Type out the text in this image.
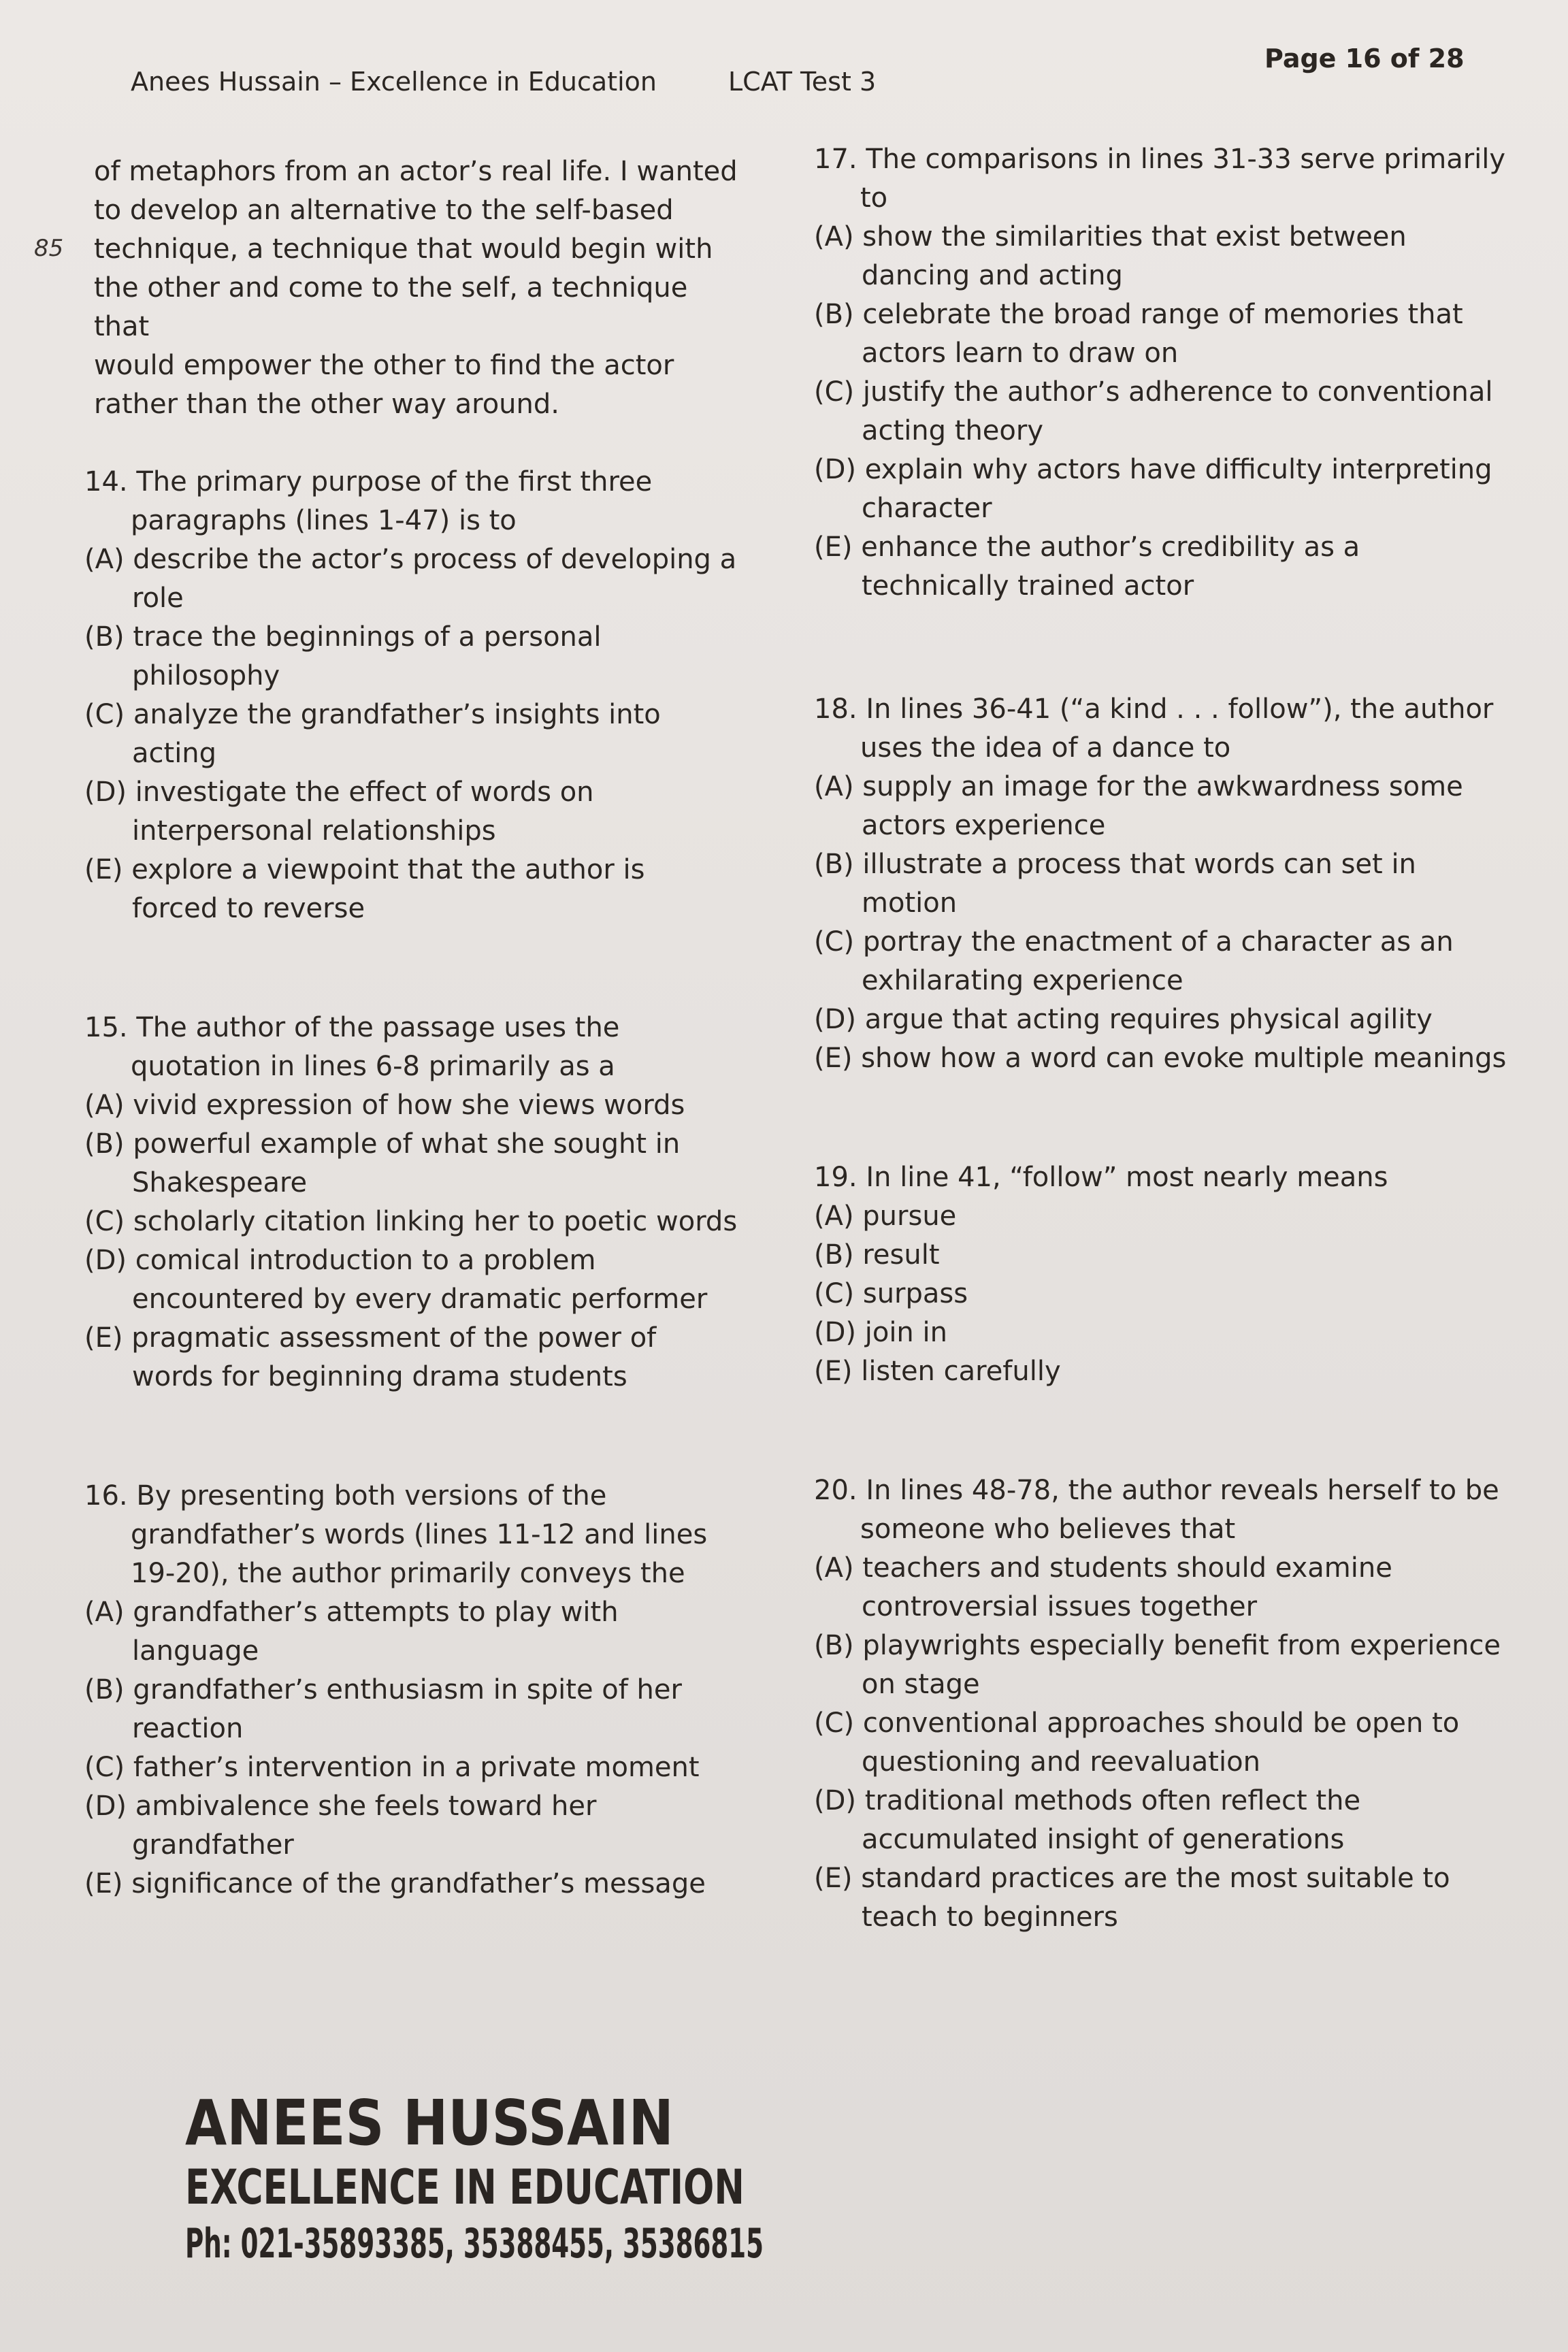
Anees Hussain – Excellence in Education	LCAT Test 3
Page 16 of 28
85

of metaphors from an actor’s real life. I wanted

to develop an alternative to the self-based

technique, a technique that would begin with

the other and come to the self, a technique that

would empower the other to find the actor

rather than the other way around.

14. The primary purpose of the first three paragraphs (lines 1-47) is to
(A) describe the actor’s process of developing a role
(B) trace the beginnings of a personal philosophy
(C) analyze the grandfather’s insights into acting
(D) investigate the effect of words on interpersonal relationships
(E) explore a viewpoint that the author is forced to reverse
15. The author of the passage uses the quotation in lines 6-8 primarily as a
(A) vivid expression of how she views words
(B) powerful example of what she sought in Shakespeare
(C) scholarly citation linking her to poetic words
(D) comical introduction to a problem encountered by every dramatic performer
(E) pragmatic assessment of the power of words for beginning drama students
16. By presenting both versions of the grandfather’s words (lines 11-12 and lines 19-20), the author primarily conveys the
(A) grandfather’s attempts to play with language
(B) grandfather’s enthusiasm in spite of her reaction
(C) father’s intervention in a private moment
(D) ambivalence she feels toward her grandfather
(E) significance of the grandfather’s message
17. The comparisons in lines 31-33 serve primarily to
(A) show the similarities that exist between dancing and acting
(B) celebrate the broad range of memories that actors learn to draw on
(C) justify the author’s adherence to conventional acting theory
(D) explain why actors have difficulty interpreting character
(E) enhance the author’s credibility as a technically trained actor
18. In lines 36-41 (“a kind . . . follow”), the author uses the idea of a dance to
(A) supply an image for the awkwardness some actors experience
(B) illustrate a process that words can set in motion
(C) portray the enactment of a character as an exhilarating experience
(D) argue that acting requires physical agility
(E) show how a word can evoke multiple meanings
19. In line 41, “follow” most nearly means
(A) pursue
(B) result
(C) surpass
(D) join in
(E) listen carefully
20. In lines 48-78, the author reveals herself to be someone who believes that
(A) teachers and students should examine controversial issues together
(B) playwrights especially benefit from experience on stage
(C) conventional approaches should be open to questioning and reevaluation
(D) traditional methods often reflect the accumulated insight of generations
(E) standard practices are the most suitable to teach to beginners
ANEES HUSSAIN
EXCELLENCE IN EDUCATION
Ph: 021-35893385, 35388455, 35386815
